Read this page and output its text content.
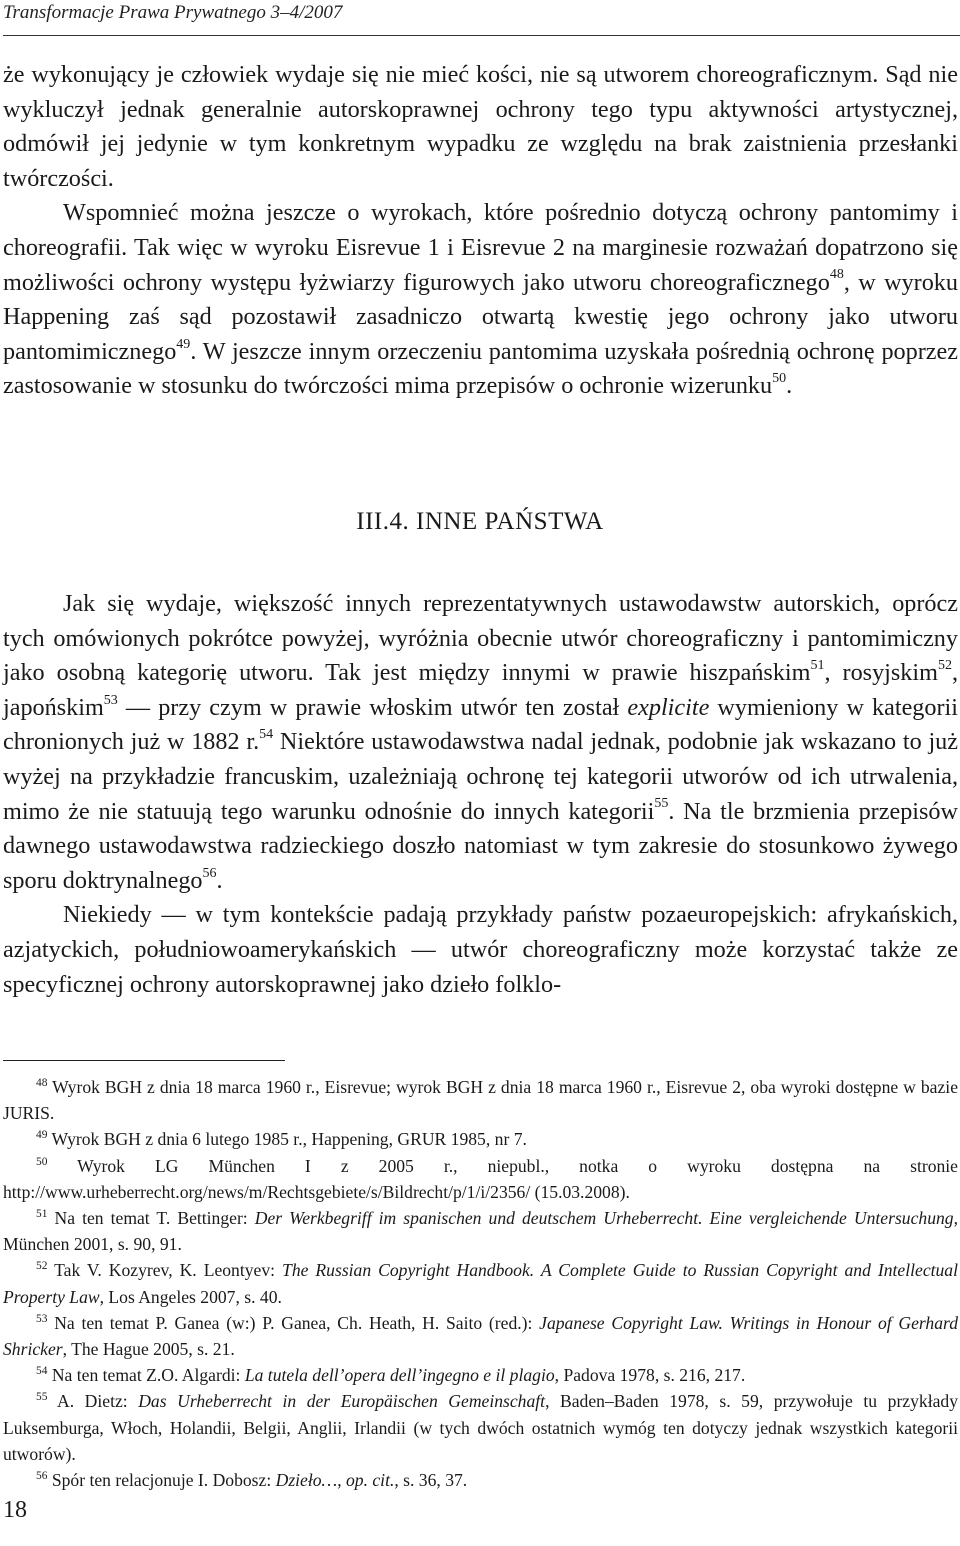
Transformacje Prawa Prywatnego 3–4/2007

że wykonujący je człowiek wydaje się nie mieć kości, nie są utworem choreograficznym. Sąd nie wykluczył jednak generalnie autorskoprawnej ochrony tego typu aktywności artystycznej, odmówił jej jedynie w tym konkretnym wypadku ze względu na brak zaistnienia przesłanki twórczości.

Wspomnieć można jeszcze o wyrokach, które pośrednio dotyczą ochrony pantomimy i choreografii. Tak więc w wyroku Eisrevue 1 i Eisrevue 2 na marginesie rozważań dopatrzono się możliwości ochrony występu łyżwiarzy figurowych jako utworu choreograficznego$^{48}$, w wyroku Happening zaś sąd pozostawił zasadniczo otwartą kwestię jego ochrony jako utworu pantomimicznego$^{49}$. W jeszcze innym orzeczeniu pantomima uzyskała pośrednią ochronę poprzez zastosowanie w stosunku do twórczości mima przepisów o ochronie wizerunku$^{50}$.

III.4. INNE PAŃSTWA

Jak się wydaje, większość innych reprezentatywnych ustawodawstw autorskich, oprócz tych omówionych pokrótce powyżej, wyróżnia obecnie utwór choreograficzny i pantomimiczny jako osobną kategorię utworu. Tak jest między innymi w prawie hiszpańskim$^{51}$, rosyjskim$^{52}$, japońskim$^{53}$ — przy czym w prawie włoskim utwór ten został explicite wymieniony w kategorii chronionych już w 1882 r.$^{54}$ Niektóre ustawodawstwa nadal jednak, podobnie jak wskazano to już wyżej na przykładzie francuskim, uzależniają ochronę tej kategorii utworów od ich utrwalenia, mimo że nie statuują tego warunku odnośnie do innych kategorii$^{55}$. Na tle brzmienia przepisów dawnego ustawodawstwa radzieckiego doszło natomiast w tym zakresie do stosunkowo żywego sporu doktrynalnego$^{56}$.

Niekiedy — w tym kontekście padają przykłady państw pozaeuropejskich: afrykańskich, azjatyckich, południowoamerykańskich — utwór choreograficzny może korzystać także ze specyficznej ochrony autorskoprawnej jako dzieło folklo-

$^{48}$ Wyrok BGH z dnia 18 marca 1960 r., Eisrevue; wyrok BGH z dnia 18 marca 1960 r., Eisrevue 2, oba wyroki dostępne w bazie JURIS.

$^{49}$ Wyrok BGH z dnia 6 lutego 1985 r., Happening, GRUR 1985, nr 7.

$^{50}$ Wyrok LG München I z 2005 r., niepubl., notka o wyroku dostępna na stronie http://www.urheberrecht.org/news/m/Rechtsgebiete/s/Bildrecht/p/1/i/2356/ (15.03.2008).

$^{51}$ Na ten temat T. Bettinger: Der Werkbegriff im spanischen und deutschem Urheberrecht. Eine vergleichende Untersuchung, München 2001, s. 90, 91.

$^{52}$ Tak V. Kozyrev, K. Leontyev: The Russian Copyright Handbook. A Complete Guide to Russian Copyright and Intellectual Property Law, Los Angeles 2007, s. 40.

$^{53}$ Na ten temat P. Ganea (w:) P. Ganea, Ch. Heath, H. Saito (red.): Japanese Copyright Law. Writings in Honour of Gerhard Shricker, The Hague 2005, s. 21.

$^{54}$ Na ten temat Z.O. Algardi: La tutela dell’opera dell’ingegno e il plagio, Padova 1978, s. 216, 217.

$^{55}$ A. Dietz: Das Urheberrecht in der Europäischen Gemeinschaft, Baden–Baden 1978, s. 59, przywołuje tu przykłady Luksemburga, Włoch, Holandii, Belgii, Anglii, Irlandii (w tych dwóch ostatnich wymóg ten dotyczy jednak wszystkich kategorii utworów).

$^{56}$ Spór ten relacjonuje I. Dobosz: Dzieło…, op. cit., s. 36, 37.

18
